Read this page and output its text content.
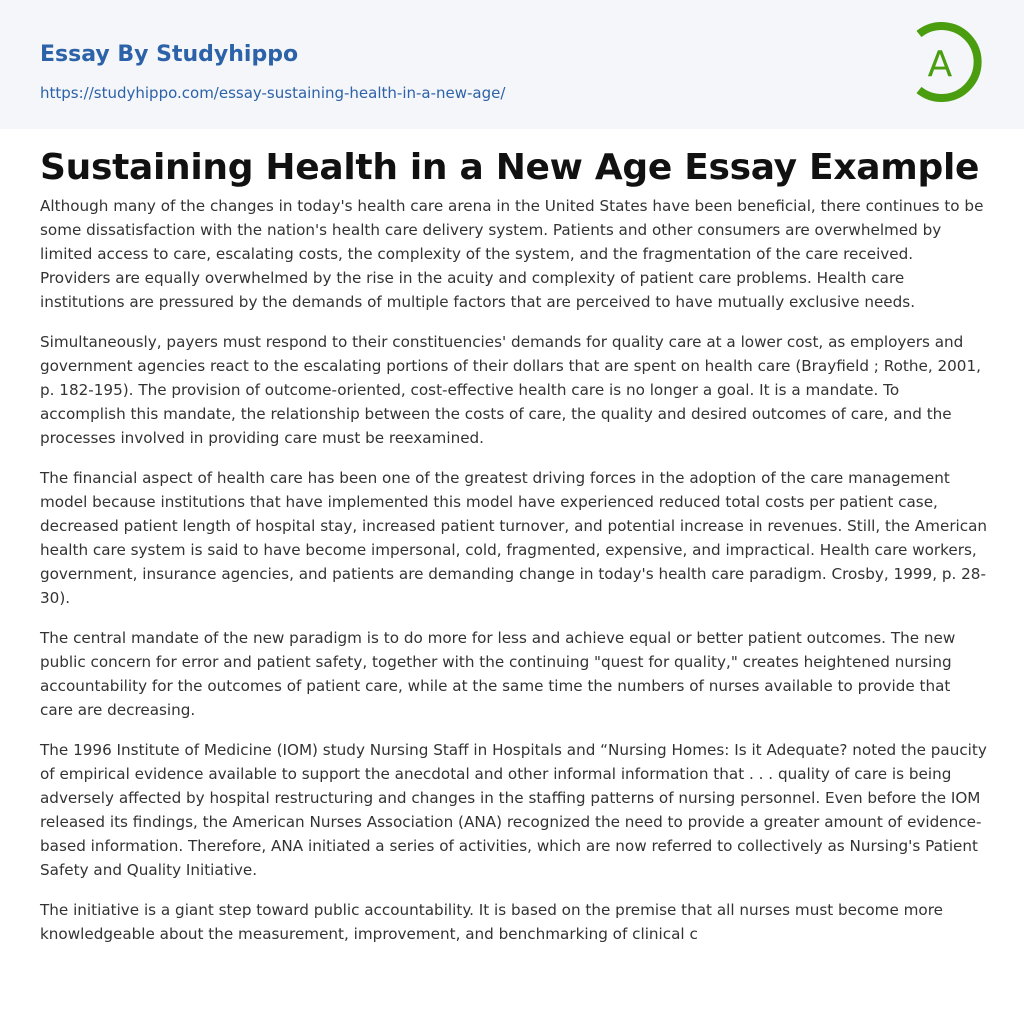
Essay By Studyhippo
https://studyhippo.com/essay-sustaining-health-in-a-new-age/
A
Sustaining Health in a New Age Essay Example

Although many of the changes in today's health care arena in the United States have been beneficial, there continues to be some dissatisfaction with the nation's health care delivery system. Patients and other consumers are overwhelmed by limited access to care, escalating costs, the complexity of the system, and the fragmentation of the care received. Providers are equally overwhelmed by the rise in the acuity and complexity of patient care problems. Health care institutions are pressured by the demands of multiple factors that are perceived to have mutually exclusive needs.

Simultaneously, payers must respond to their constituencies' demands for quality care at a lower cost, as employers and government agencies react to the escalating portions of their dollars that are spent on health care (Brayfield ; Rothe, 2001, p. 182-195). The provision of outcome-oriented, cost-effective health care is no longer a goal. It is a mandate. To accomplish this mandate, the relationship between the costs of care, the quality and desired outcomes of care, and the processes involved in providing care must be reexamined.

The financial aspect of health care has been one of the greatest driving forces in the adoption of the care management model because institutions that have implemented this model have experienced reduced total costs per patient case, decreased patient length of hospital stay, increased patient turnover, and potential increase in revenues. Still, the American health care system is said to have become impersonal, cold, fragmented, expensive, and impractical. Health care workers, government, insurance agencies, and patients are demanding change in today's health care paradigm. Crosby, 1999, p. 28-30).

The central mandate of the new paradigm is to do more for less and achieve equal or better patient outcomes. The new public concern for error and patient safety, together with the continuing "quest for quality," creates heightened nursing accountability for the outcomes of patient care, while at the same time the numbers of nurses available to provide that care are decreasing.

The 1996 Institute of Medicine (IOM) study Nursing Staff in Hospitals and “Nursing Homes: Is it Adequate? noted the paucity of empirical evidence available to support the anecdotal and other informal information that . . . quality of care is being adversely affected by hospital restructuring and changes in the staffing patterns of nursing personnel. Even before the IOM released its findings, the American Nurses Association (ANA) recognized the need to provide a greater amount of evidence-based information. Therefore, ANA initiated a series of activities, which are now referred to collectively as Nursing's Patient Safety and Quality Initiative.

The initiative is a giant step toward public accountability. It is based on the premise that all nurses must become more knowledgeable about the measurement, improvement, and benchmarking of clinical c
